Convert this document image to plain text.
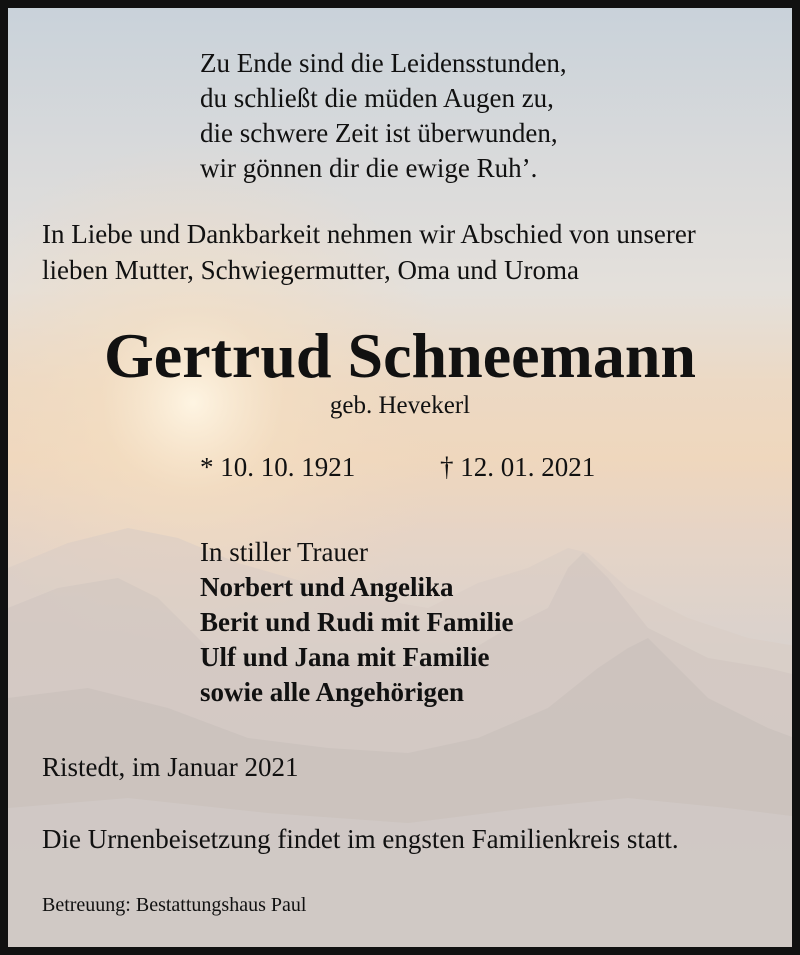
Zu Ende sind die Leidensstunden,
du schließt die müden Augen zu,
die schwere Zeit ist überwunden,
wir gönnen dir die ewige Ruh’.
In Liebe und Dankbarkeit nehmen wir Abschied von unserer
lieben Mutter, Schwiegermutter, Oma und Uroma
Gertrud Schneemann
geb. Hevekerl
* 10. 10. 1921	† 12. 01. 2021
In stiller Trauer
Norbert und Angelika
Berit und Rudi mit Familie
Ulf und Jana mit Familie
sowie alle Angehörigen
Ristedt, im Januar 2021
Die Urnenbeisetzung findet im engsten Familienkreis statt.
Betreuung: Bestattungshaus Paul
